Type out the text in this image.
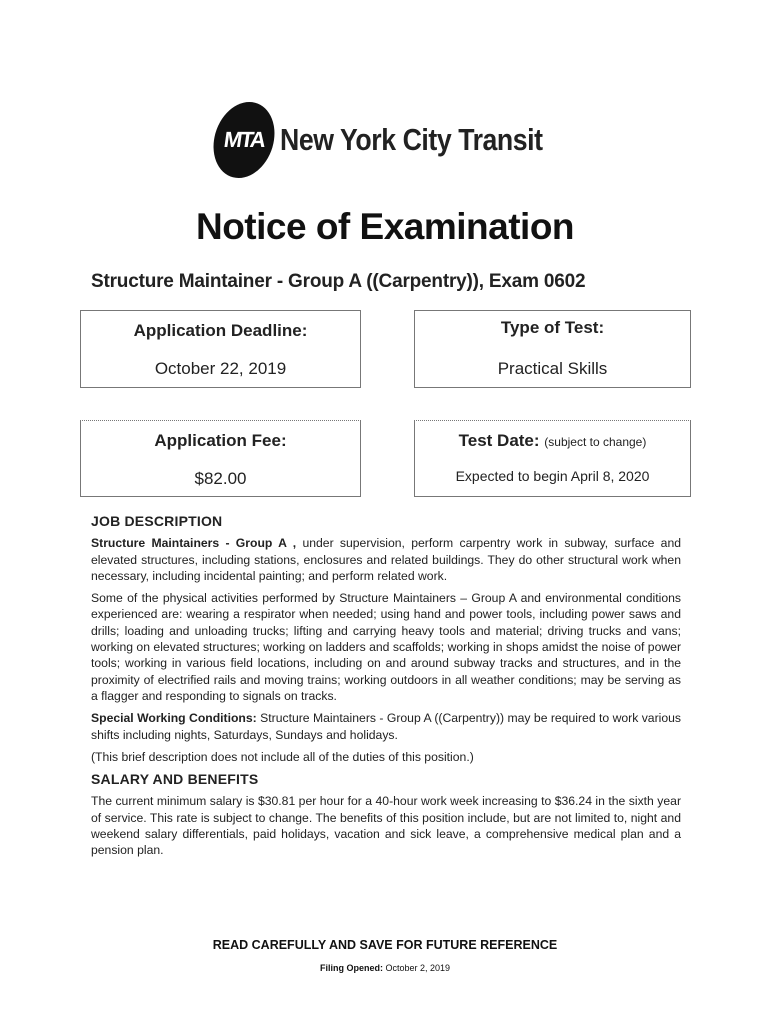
MTA New York City Transit
Notice of Examination
Structure Maintainer - Group A ((Carpentry)), Exam 0602
Application Deadline:
October 22, 2019
Type of Test:
Practical Skills
Application Fee:
$82.00
Test Date: (subject to change)
Expected to begin April 8, 2020
JOB DESCRIPTION

Structure Maintainers - Group A , under supervision, perform carpentry work in subway, surface and elevated structures, including stations, enclosures and related buildings. They do other structural work when necessary, including incidental painting; and perform related work.

Some of the physical activities performed by Structure Maintainers – Group A and environmental conditions experienced are: wearing a respirator when needed; using hand and power tools, including power saws and drills; loading and unloading trucks; lifting and carrying heavy tools and material; driving trucks and vans; working on elevated structures; working on ladders and scaffolds; working in shops amidst the noise of power tools; working in various field locations, including on and around subway tracks and structures, and in the proximity of electrified rails and moving trains; working outdoors in all weather conditions; may be serving as a flagger and responding to signals on tracks.

Special Working Conditions: Structure Maintainers - Group A ((Carpentry)) may be required to work various shifts including nights, Saturdays, Sundays and holidays.

(This brief description does not include all of the duties of this position.)

SALARY AND BENEFITS

The current minimum salary is $30.81 per hour for a 40-hour work week increasing to $36.24 in the sixth year of service. This rate is subject to change. The benefits of this position include, but are not limited to, night and weekend salary differentials, paid holidays, vacation and sick leave, a comprehensive medical plan and a pension plan.

READ CAREFULLY AND SAVE FOR FUTURE REFERENCE
Filing Opened: October 2, 2019
